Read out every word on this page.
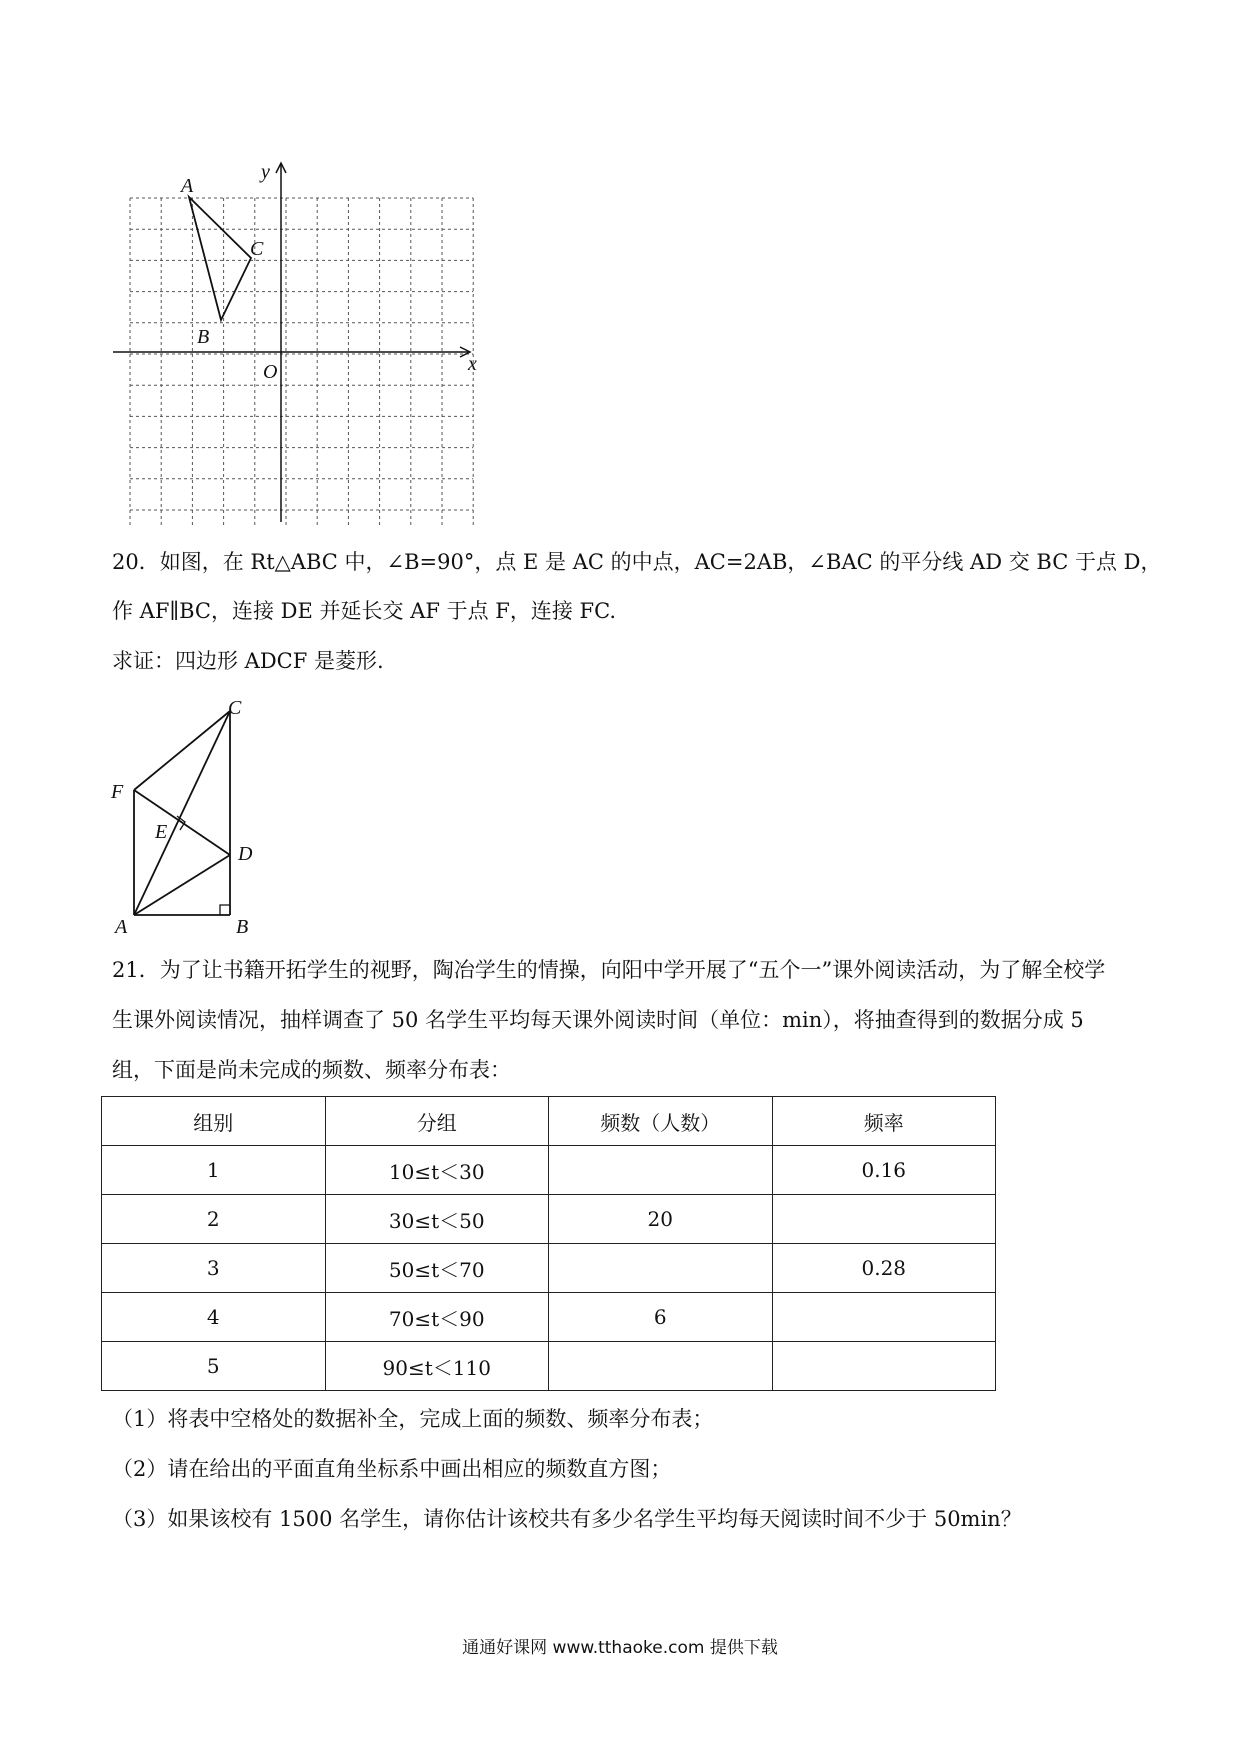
A
B
C
O	x
y
20．如图，在 Rt△ABC 中，∠B=90°，点 E 是 AC 的中点，AC=2AB，∠BAC 的平分线 AD 交 BC 于点 D，
作 AF∥BC，连接 DE 并延长交 AF 于点 F，连接 FC.
求证：四边形 ADCF 是菱形.
C
F
E
D
A	B
21．为了让书籍开拓学生的视野，陶冶学生的情操，向阳中学开展了“五个一”课外阅读活动，为了解全校学
生课外阅读情况，抽样调查了 50 名学生平均每天课外阅读时间（单位：min），将抽查得到的数据分成 5
组，下面是尚未完成的频数、频率分布表：
组别	分组	频数（人数）	频率
1	10≤t＜30		0.16
2	30≤t＜50	20	
3	50≤t＜70		0.28
4	70≤t＜90	6	
5	90≤t＜110		
（1）将表中空格处的数据补全，完成上面的频数、频率分布表；
（2）请在给出的平面直角坐标系中画出相应的频数直方图；
（3）如果该校有 1500 名学生，请你估计该校共有多少名学生平均每天阅读时间不少于 50min？
通通好课网 www.tthaoke.com 提供下载
